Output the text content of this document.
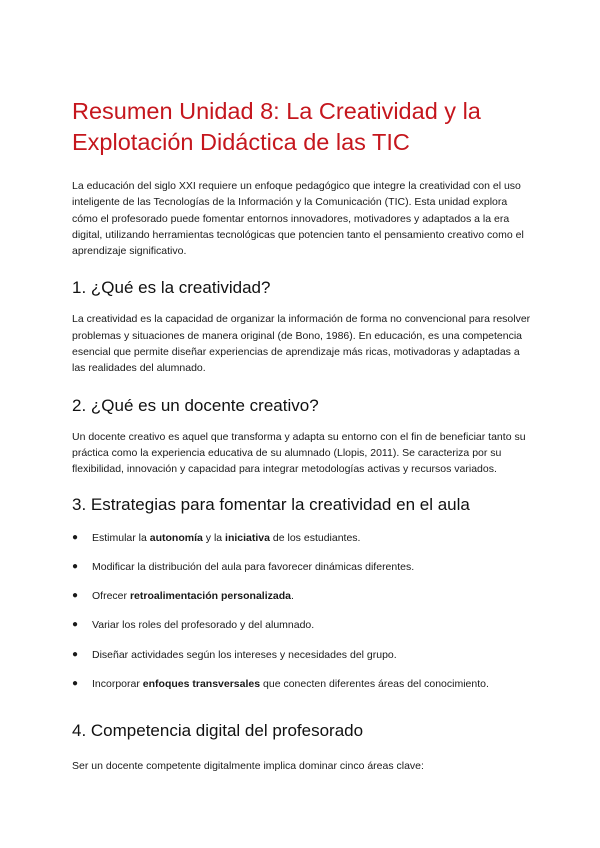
Resumen Unidad 8: La Creatividad y la Explotación Didáctica de las TIC

La educación del siglo XXI requiere un enfoque pedagógico que integre la creatividad con el uso inteligente de las Tecnologías de la Información y la Comunicación (TIC). Esta unidad explora cómo el profesorado puede fomentar entornos innovadores, motivadores y adaptados a la era digital, utilizando herramientas tecnológicas que potencien tanto el pensamiento creativo como el aprendizaje significativo.

1. ¿Qué es la creatividad?

La creatividad es la capacidad de organizar la información de forma no convencional para resolver problemas y situaciones de manera original (de Bono, 1986). En educación, es una competencia esencial que permite diseñar experiencias de aprendizaje más ricas, motivadoras y adaptadas a las realidades del alumnado.

2. ¿Qué es un docente creativo?

Un docente creativo es aquel que transforma y adapta su entorno con el fin de beneficiar tanto su práctica como la experiencia educativa de su alumnado (Llopis, 2011). Se caracteriza por su flexibilidad, innovación y capacidad para integrar metodologías activas y recursos variados.

3. Estrategias para fomentar la creatividad en el aula
● Estimular la autonomía y la iniciativa de los estudiantes.
● Modificar la distribución del aula para favorecer dinámicas diferentes.
● Ofrecer retroalimentación personalizada.
● Variar los roles del profesorado y del alumnado.
● Diseñar actividades según los intereses y necesidades del grupo.
● Incorporar enfoques transversales que conecten diferentes áreas del conocimiento.
4. Competencia digital del profesorado

Ser un docente competente digitalmente implica dominar cinco áreas clave:
